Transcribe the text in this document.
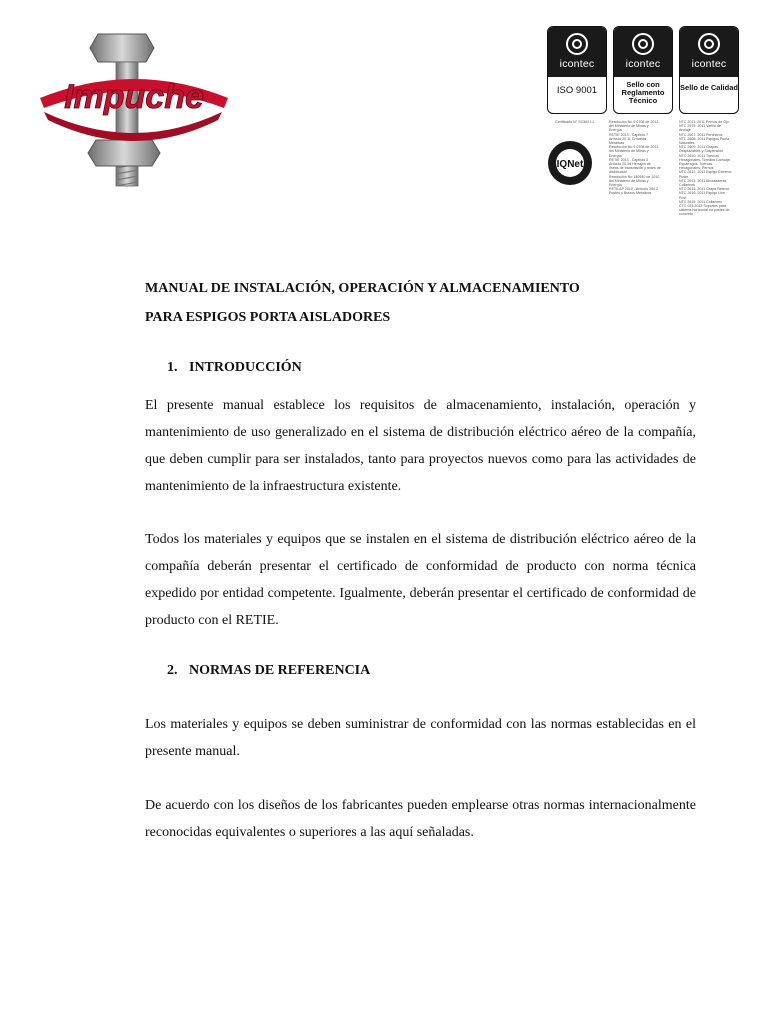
Impuche
icontec
ISO 9001
icontec
Sello con Reglamento Técnico
icontec
Sello de Calidad
Certificado N° SC5621-1
IQNet
Resolución No 9 0708 de 2013
del Ministerio de Minas y
Energía
RETIE 2013 - Capítulo 7
Artículo 20.11 Crucetas
Metálicas
Resolución No 9 0708 de 2013
del Ministerio de Minas y
Energía
RETIE 2013 - Capítulo 3
Artículo 20.36 Herrajes de
líneas de transmisión y redes de
distribución
Resolución No 180540 de 2010
del Ministerio de Minas y
Energía
RETILAP 2010 - Artículo 200.2
Postes y Brazos Metálicos
NTC 2011: 2011 Pernos de Ojo
NTC 2575: 2011 Varilla de
Anclaje
NTC 2607: 2011 Percheros
NTC 2608: 2011 Espigos Punta
Naturales
NTC 2609: 2011 Grapas,
Desplazables y Suspensión
NTC 2610: 2011 Tuercas
Hexagonales, Tornillos Carruaje,
Espárragos, Tuercas
Hexagonales, Pernos
NTC 2612: 2011 Espigo Extremo
Poste
NTC 2613: 2011 Abrazaderas
Collarines
NTC 2615: 2011 Grapa Retenci
NTC 2616: 2011 Espigo Line
Post
NTC 2615: 2011 Collarines
CTC 023:2013 Soportes para
sistema horizontal en postes de
concreto
MANUAL DE INSTALACIÓN, OPERACIÓN Y ALMACENAMIENTO
PARA ESPIGOS PORTA AISLADORES
1. INTRODUCCIÓN

El presente manual establece los requisitos de almacenamiento, instalación, operación y mantenimiento de uso generalizado en el sistema de distribución eléctrico aéreo de la compañía, que deben cumplir para ser instalados, tanto para proyectos nuevos como para las actividades de mantenimiento de la infraestructura existente.

Todos los materiales y equipos que se instalen en el sistema de distribución eléctrico aéreo de la compañía deberán presentar el certificado de conformidad de producto con norma técnica expedido por entidad competente. Igualmente, deberán presentar el certificado de conformidad de producto con el RETIE.

2. NORMAS DE REFERENCIA

Los materiales y equipos se deben suministrar de conformidad con las normas establecidas en el presente manual.

De acuerdo con los diseños de los fabricantes pueden emplearse otras normas internacionalmente reconocidas equivalentes o superiores a las aquí señaladas.
